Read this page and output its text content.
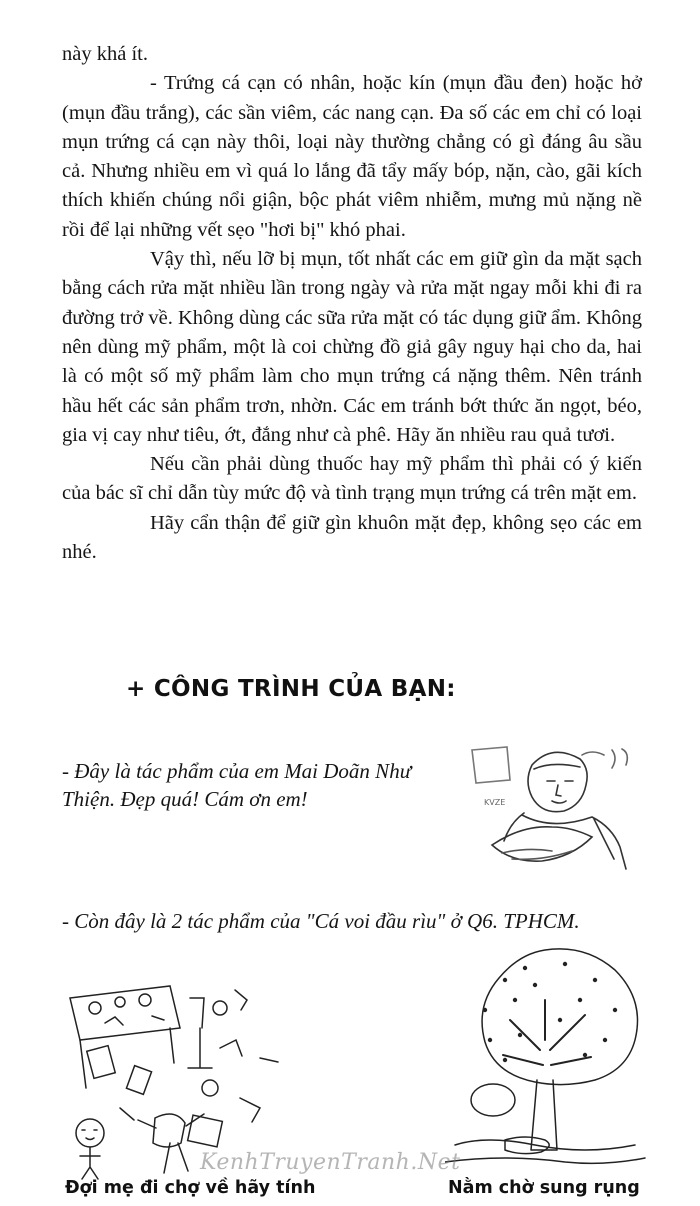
này khá ít.

- Trứng cá cạn có nhân, hoặc kín (mụn đầu đen) hoặc hở (mụn đầu trắng), các sần viêm, các nang cạn. Đa số các em chỉ có loại mụn trứng cá cạn này thôi, loại này thường chẳng có gì đáng âu sầu cả. Nhưng nhiều em vì quá lo lắng đã tẩy mấy bóp, nặn, cào, gãi kích thích khiến chúng nổi giận, bộc phát viêm nhiễm, mưng mủ nặng nề rồi để lại những vết sẹo "hơi bị" khó phai.

Vậy thì, nếu lỡ bị mụn, tốt nhất các em giữ gìn da mặt sạch bằng cách rửa mặt nhiều lần trong ngày và rửa mặt ngay mỗi khi đi ra đường trở về. Không dùng các sữa rửa mặt có tác dụng giữ ẩm. Không nên dùng mỹ phẩm, một là coi chừng đồ giả gây nguy hại cho da, hai là có một số mỹ phẩm làm cho mụn trứng cá nặng thêm. Nên tránh hầu hết các sản phẩm trơn, nhờn. Các em tránh bớt thức ăn ngọt, béo, gia vị cay như tiêu, ớt, đắng như cà phê. Hãy ăn nhiều rau quả tươi.

Nếu cần phải dùng thuốc hay mỹ phẩm thì phải có ý kiến của bác sĩ chỉ dẫn tùy mức độ và tình trạng mụn trứng cá trên mặt em.

Hãy cẩn thận để giữ gìn khuôn mặt đẹp, không sẹo các em nhé.

+ CÔNG TRÌNH CỦA BẠN:
- Đây là tác phẩm của em Mai Doãn Như Thiện. Đẹp quá! Cám ơn em!	KVZE
- Còn đây là 2 tác phẩm của "Cá voi đầu rìu" ở Q6. TPHCM.
KenhTruyenTranh.Net
Đợi mẹ đi chợ về hãy tính	Nằm chờ sung rụng
